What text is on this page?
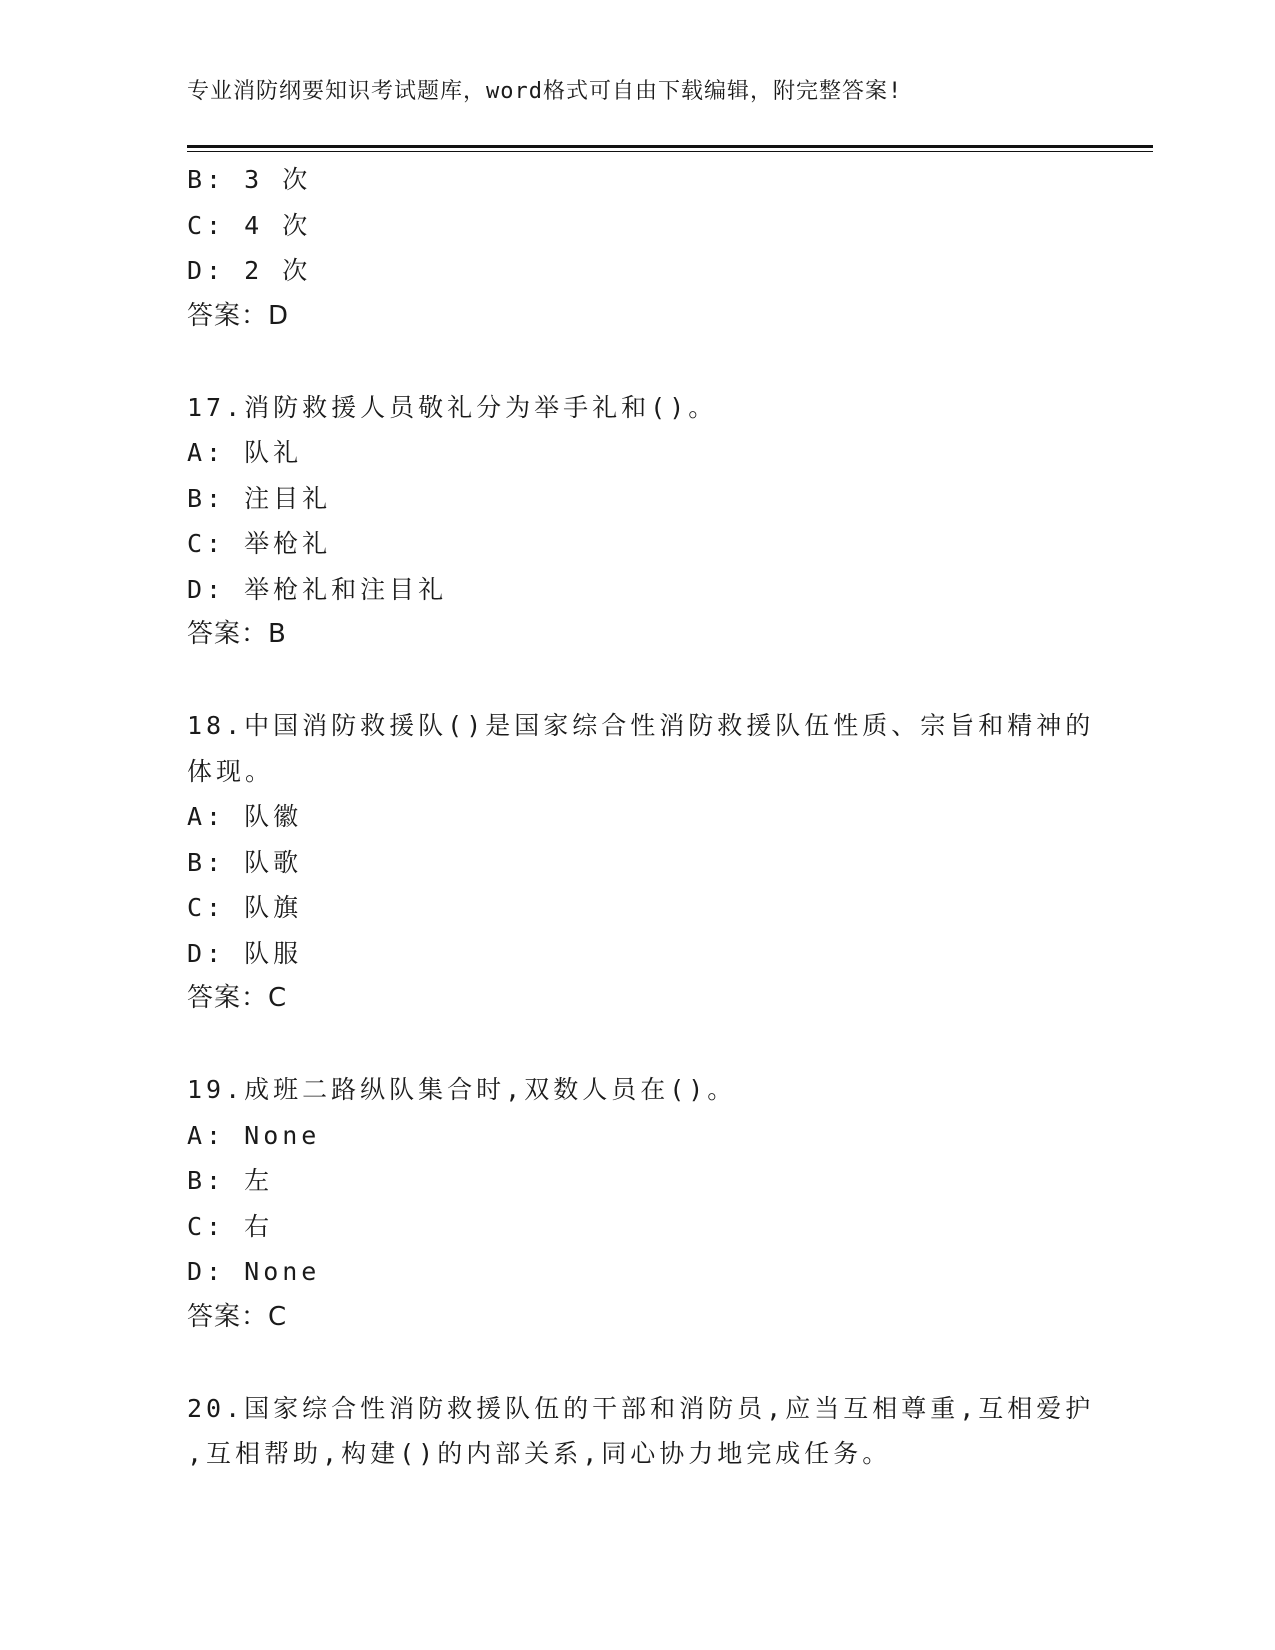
专业消防纲要知识考试题库，word格式可自由下载编辑，附完整答案!
B: 3 次
C: 4 次
D: 2 次
答案：D
17.消防救援人员敬礼分为举手礼和()。
A: 队礼
B: 注目礼
C: 举枪礼
D: 举枪礼和注目礼
答案：B
18.中国消防救援队()是国家综合性消防救援队伍性质、宗旨和精神的
体现。
A: 队徽
B: 队歌
C: 队旗
D: 队服
答案：C
19.成班二路纵队集合时,双数人员在()。
A: None
B: 左
C: 右
D: None
答案：C
20.国家综合性消防救援队伍的干部和消防员,应当互相尊重,互相爱护
,互相帮助,构建()的内部关系,同心协力地完成任务。
